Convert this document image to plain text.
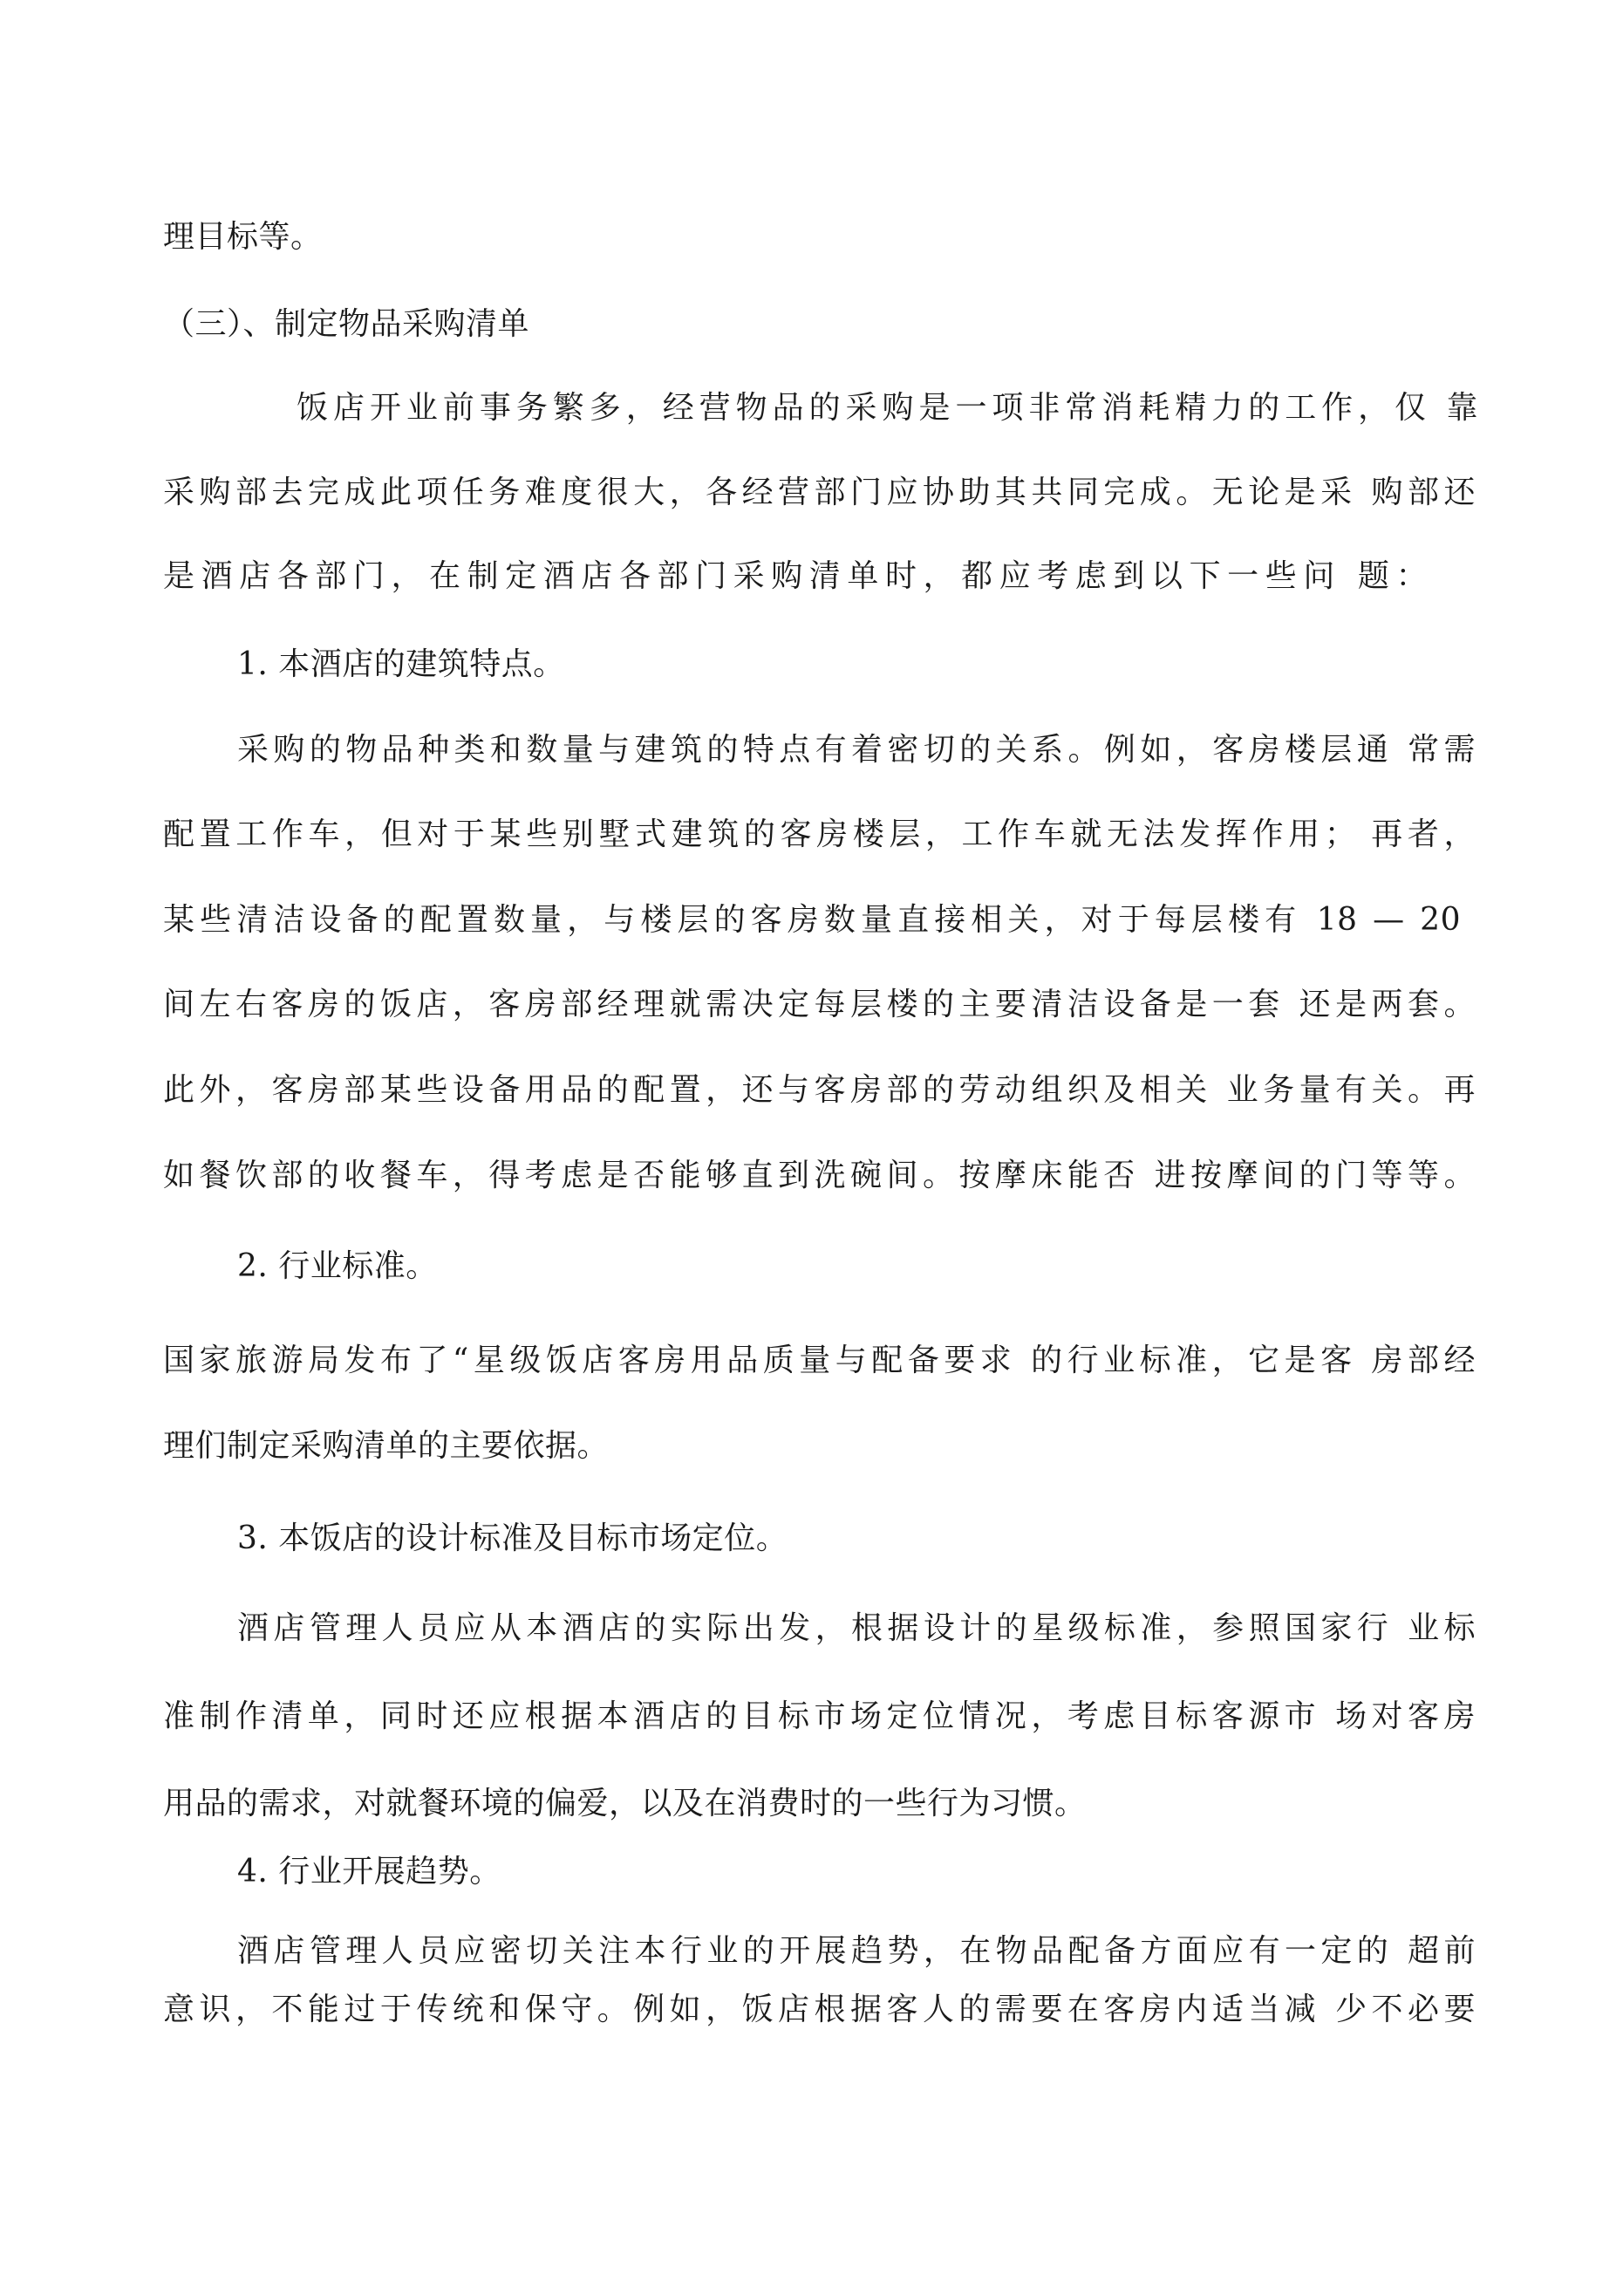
理目标等。
（三）、制定物品采购清单
饭店开业前事务繁多，经营物品的采购是一项非常消耗精力的工作，仅 靠
采购部去完成此项任务难度很大，各经营部门应协助其共同完成。无论是采 购部还
是酒店各部门，在制定酒店各部门采购清单时，都应考虑到以下一些问 题：
1. 本酒店的建筑特点。
采购的物品种类和数量与建筑的特点有着密切的关系。例如，客房楼层通 常需
配置工作车，但对于某些别墅式建筑的客房楼层，工作车就无法发挥作用； 再者，
某些清洁设备的配置数量，与楼层的客房数量直接相关，对于每层楼有 18 — 20
间左右客房的饭店，客房部经理就需决定每层楼的主要清洁设备是一套 还是两套。
此外，客房部某些设备用品的配置，还与客房部的劳动组织及相关 业务量有关。再
如餐饮部的收餐车，得考虑是否能够直到洗碗间。按摩床能否 进按摩间的门等等。
2. 行业标准。
国家旅游局发布了“星级饭店客房用品质量与配备要求 的行业标准，它是客 房部经
理们制定采购清单的主要依据。
3. 本饭店的设计标准及目标市场定位。
酒店管理人员应从本酒店的实际出发，根据设计的星级标准，参照国家行 业标
准制作清单，同时还应根据本酒店的目标市场定位情况，考虑目标客源市 场对客房
用品的需求，对就餐环境的偏爱，以及在消费时的一些行为习惯。
4. 行业开展趋势。
酒店管理人员应密切关注本行业的开展趋势，在物品配备方面应有一定的 超前
意识，不能过于传统和保守。例如，饭店根据客人的需要在客房内适当减 少不必要
